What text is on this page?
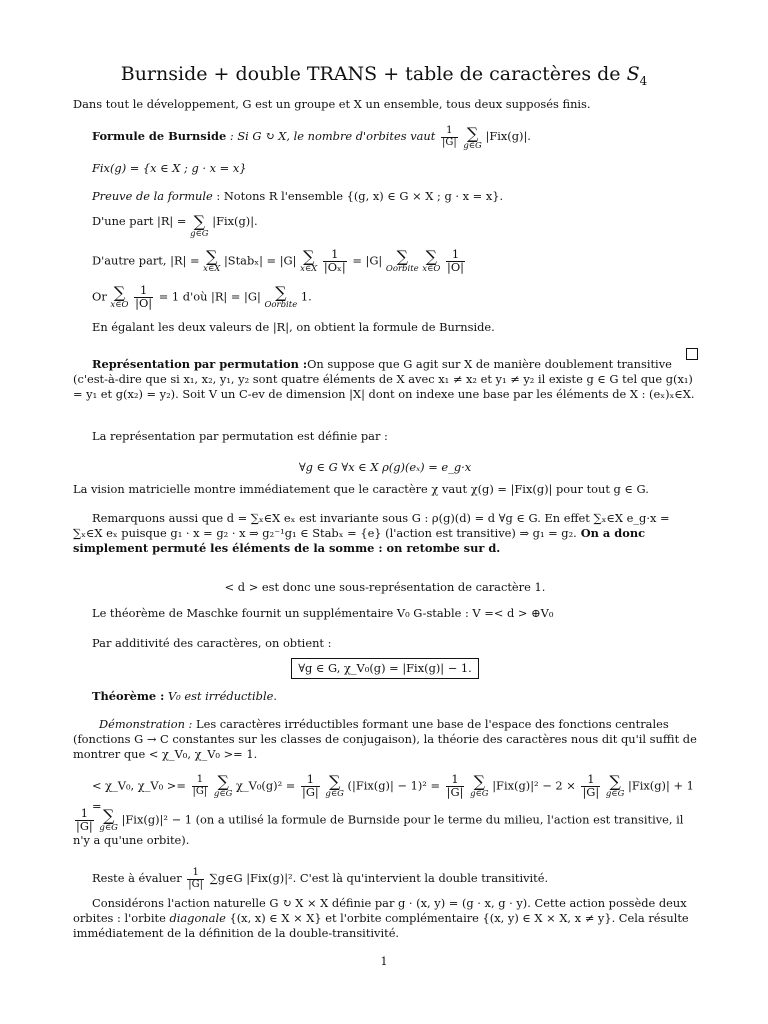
Burnside + double TRANS + table de caractères de $S_4$

Dans tout le développement, G est un groupe et X un ensemble, tous deux supposés finis.

Formule de Burnside : Si G ↻ X, le nombre d'orbites vaut $\frac{1}{|G|}$
∑
g∈G
|Fix(g)|.

Fix(g) = {x ∈ X ; g · x = x}

Preuve de la formule : Notons R l'ensemble {(g, x) ∈ G × X ; g · x = x}.

D'une part |R| = ∑
g∈G
|Fix(g)|.

D'autre part, |R| = ∑
x∈X
|Stabₓ| = |G| ∑
x∈X
$\frac{1}{\text{|Oₓ|}} = |G|$ ∑
Oorbite

∑
x∈O
$\frac{1}{|O|}$

Or ∑
x∈O
$\frac{1}{|O|} = 1$ d'où |R| = |G| ∑
Oorbite
1.

En égalant les deux valeurs de |R|, on obtient la formule de Burnside.

Représentation par permutation :On suppose que G agit sur X de manière doublement transitive (c'est-à-dire que si x₁, x₂, y₁, y₂ sont quatre éléments de X avec x₁ ≠ x₂ et y₁ ≠ y₂ il existe g ∈ G tel que g(x₁) = y₁ et g(x₂) = y₂). Soit V un C-ev de dimension |X| dont on indexe une base par les éléments de X : (eₓ)ₓ∈X.

La représentation par permutation est définie par :

∀g ∈ G ∀x ∈ X ρ(g)(eₓ) = e_g·x

La vision matricielle montre immédiatement que le caractère χ vaut χ(g) = |Fix(g)| pour tout g ∈ G.

Remarquons aussi que d = ∑ₓ∈X eₓ est invariante sous G : ρ(g)(d) = d ∀g ∈ G. En effet ∑ₓ∈X e_g·x = ∑ₓ∈X eₓ puisque g₁ · x = g₂ · x ⇒ g₂⁻¹g₁ ∈ Stabₓ = {e} (l'action est transitive) ⇒ g₁ = g₂. On a donc simplement permuté les éléments de la somme : on retombe sur d.

< d > est donc une sous-représentation de caractère 1.

Le théorème de Maschke fournit un supplémentaire V₀ G-stable : V =< d > ⊕V₀

Par additivité des caractères, on obtient :

∀g ∈ G, χ_V₀(g) = |Fix(g)| − 1.

Théorème : V₀ est irréductible.

Démonstration : Les caractères irréductibles formant une base de l'espace des fonctions centrales (fonctions G → C constantes sur les classes de conjugaison), la théorie des caractères nous dit qu'il suffit de montrer que < χ_V₀, χ_V₀ >= 1.

< χ_V₀, χ_V₀ >= $\frac{1}{|G|}$
∑
g∈G
χ_V₀(g)² = $\frac{1}{|G|}$
∑
g∈G
$(|Fix(g)| - 1)^2 = \frac{1}{|G|}$
∑
g∈G
$|Fix(g)|^2 - 2 \times \frac{1}{|G|}$
∑
g∈G
|Fix(g)| + 1 =

$\frac{1}{|G|}$
∑
g∈G
|Fix(g)|² − 1 (on a utilisé la formule de Burnside pour le terme du milieu, l'action est transitive, il n'y a qu'une orbite).

Reste à évaluer $\frac{1}{|G|}$ ∑g∈G |Fix(g)|². C'est là qu'intervient la double transitivité.

Considérons l'action naturelle G ↻ X × X définie par g · (x, y) = (g · x, g · y). Cette action possède deux orbites : l'orbite diagonale {(x, x) ∈ X × X} et l'orbite complémentaire {(x, y) ∈ X × X, x ≠ y}. Cela résulte immédiatement de la définition de la double-transitivité.

1
